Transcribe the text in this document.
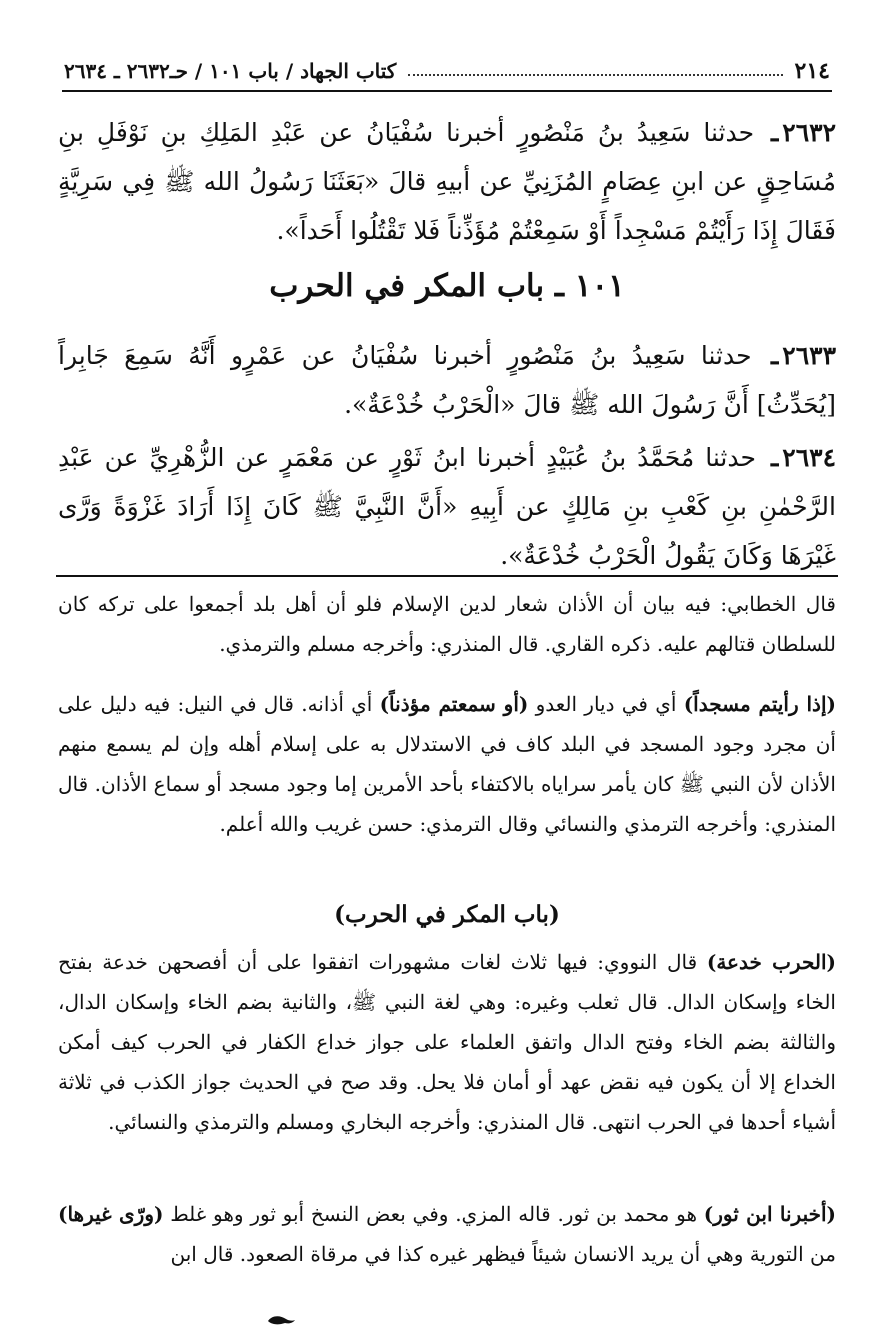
٢١٤
كتاب الجهاد / باب ١٠١ / حـ٢٦٣٢ ـ ٢٦٣٤
٢٦٣٢ـ حدثنا سَعِيدُ بنُ مَنْصُورٍ أخبرنا سُفْيَانُ عن عَبْدِ المَلِكِ بنِ نَوْفَلِ بنِ مُسَاحِقٍ عن ابنِ عِصَامٍ المُزَنِيِّ عن أبيهِ قالَ «بَعَثَنَا رَسُولُ الله ﷺ فِي سَرِيَّةٍ فَقَالَ إِذَا رَأَيْتُمْ مَسْجِداً أَوْ سَمِعْتُمْ مُؤَذِّناً فَلا تَقْتُلُوا أَحَداً».
١٠١ ـ باب المكر في الحرب
٢٦٣٣ـ حدثنا سَعِيدُ بنُ مَنْصُورٍ أخبرنا سُفْيَانُ عن عَمْرٍو أَنَّهُ سَمِعَ جَابِراً [يُحَدِّثُ] أَنَّ رَسُولَ الله ﷺ قالَ «الْحَرْبُ خُدْعَةٌ».
٢٦٣٤ـ حدثنا مُحَمَّدُ بنُ عُبَيْدٍ أخبرنا ابنُ ثَوْرٍ عن مَعْمَرٍ عن الزُّهْرِيِّ عن عَبْدِ الرَّحْمٰنِ بنِ كَعْبِ بنِ مَالِكٍ عن أَبِيهِ «أَنَّ النَّبِيَّ ﷺ كَانَ إِذَا أَرَادَ غَزْوَةً وَرَّى غَيْرَهَا وَكَانَ يَقُولُ الْحَرْبُ خُدْعَةٌ».
قال الخطابي: فيه بيان أن الأذان شعار لدين الإسلام فلو أن أهل بلد أجمعوا على تركه كان للسلطان قتالهم عليه. ذكره القاري. قال المنذري: وأخرجه مسلم والترمذي.
(إذا رأيتم مسجداً) أي في ديار العدو (أو سمعتم مؤذناً) أي أذانه. قال في النيل: فيه دليل على أن مجرد وجود المسجد في البلد كاف في الاستدلال به على إسلام أهله وإن لم يسمع منهم الأذان لأن النبي ﷺ كان يأمر سراياه بالاكتفاء بأحد الأمرين إما وجود مسجد أو سماع الأذان. قال المنذري: وأخرجه الترمذي والنسائي وقال الترمذي: حسن غريب والله أعلم.
(باب المكر في الحرب)
(الحرب خدعة) قال النووي: فيها ثلاث لغات مشهورات اتفقوا على أن أفصحهن خدعة بفتح الخاء وإسكان الدال. قال ثعلب وغيره: وهي لغة النبي ﷺ، والثانية بضم الخاء وإسكان الدال، والثالثة بضم الخاء وفتح الدال واتفق العلماء على جواز خداع الكفار في الحرب كيف أمكن الخداع إلا أن يكون فيه نقض عهد أو أمان فلا يحل. وقد صح في الحديث جواز الكذب في ثلاثة أشياء أحدها في الحرب انتهى. قال المنذري: وأخرجه البخاري ومسلم والترمذي والنسائي.
(أخبرنا ابن ثور) هو محمد بن ثور. قاله المزي. وفي بعض النسخ أبو ثور وهو غلط (ورّى غيرها) من التورية وهي أن يريد الانسان شيئاً فيظهر غيره كذا في مرقاة الصعود. قال ابن
